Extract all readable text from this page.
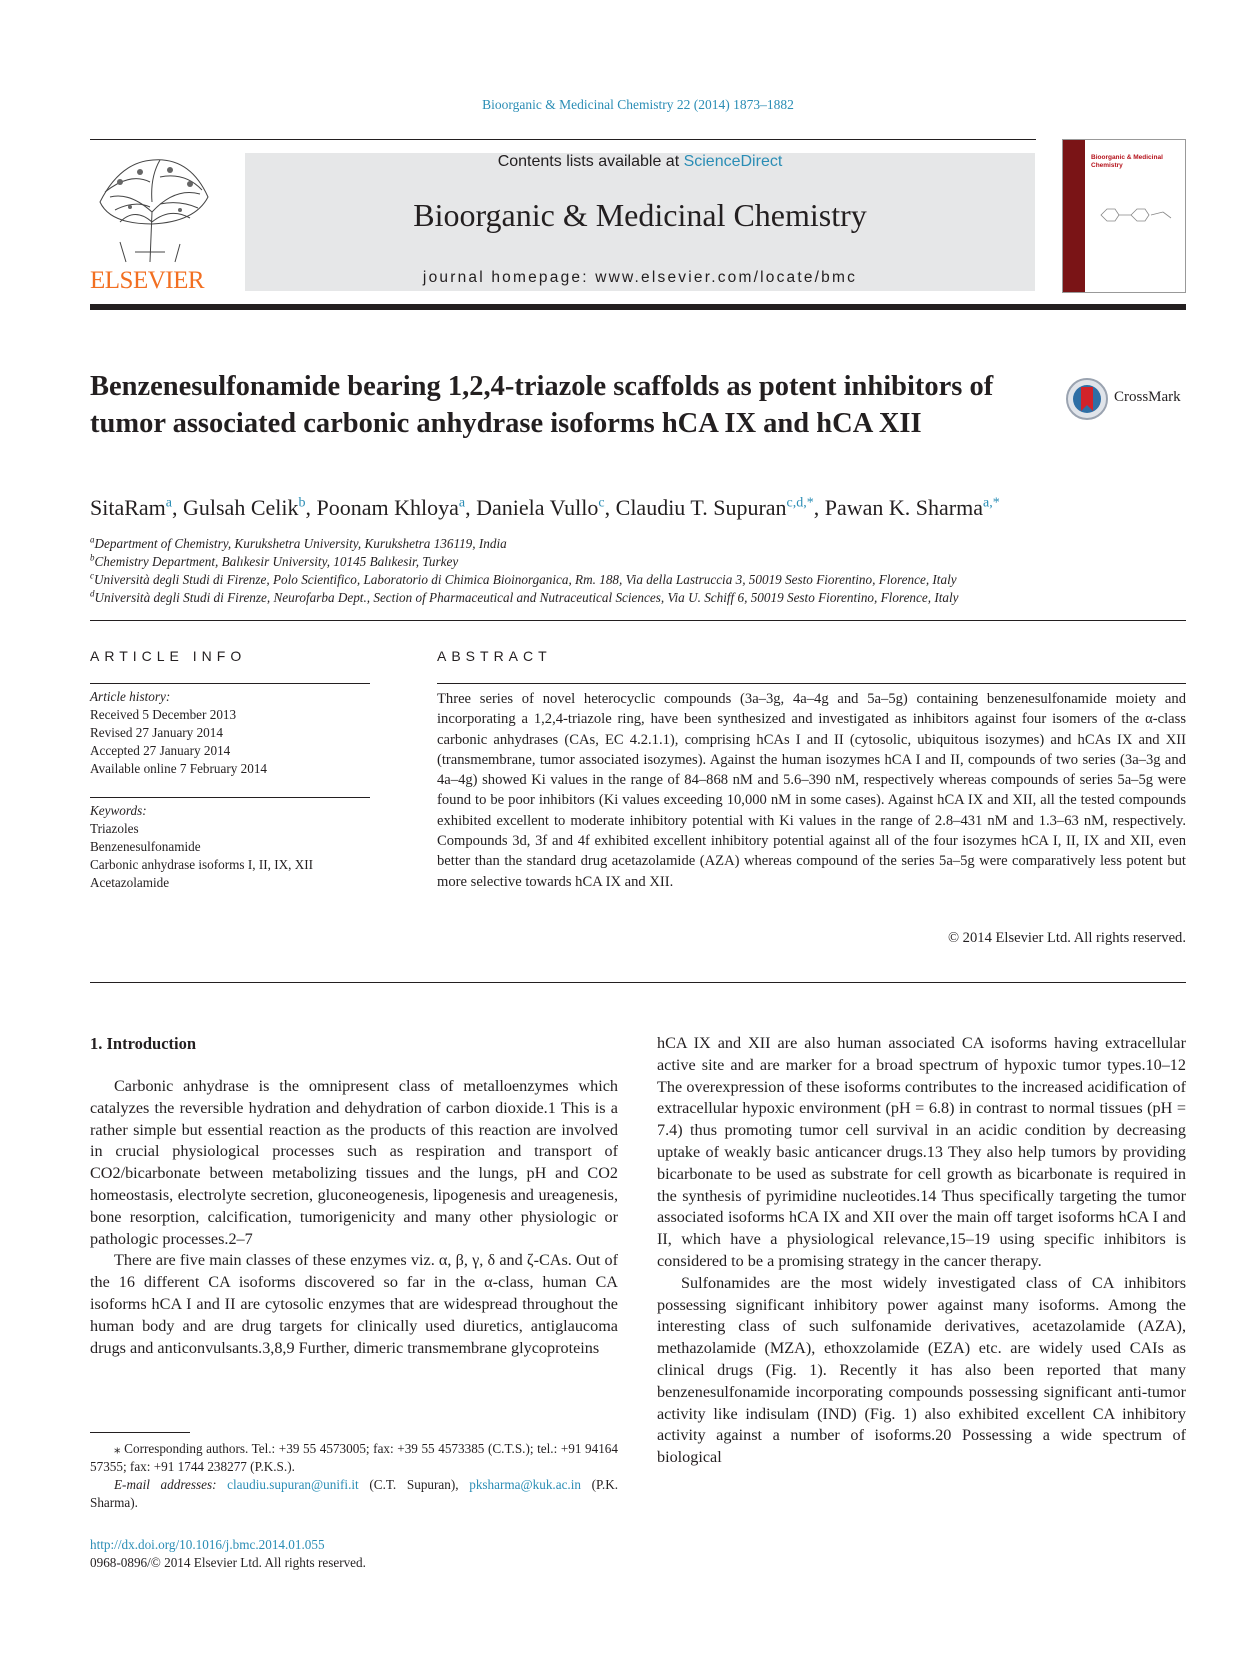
Bioorganic & Medicinal Chemistry 22 (2014) 1873–1882
ELSEVIER
Contents lists available at ScienceDirect
Bioorganic & Medicinal Chemistry
journal homepage: www.elsevier.com/locate/bmc
Bioorganic & Medicinal Chemistry
Benzenesulfonamide bearing 1,2,4-triazole scaffolds as potent inhibitors of tumor associated carbonic anhydrase isoforms hCA IX and hCA XII
CrossMark
SitaRam$^a$, Gulsah Celik$^b$, Poonam Khloya$^a$, Daniela Vullo$^c$, Claudiu T. Supuran$^{c,d,*}$, Pawan K. Sharma$^{a,*}$
$^a$Department of Chemistry, Kurukshetra University, Kurukshetra 136119, India
$^b$Chemistry Department, Balıkesir University, 10145 Balıkesir, Turkey
$^c$Università degli Studi di Firenze, Polo Scientifico, Laboratorio di Chimica Bioinorganica, Rm. 188, Via della Lastruccia 3, 50019 Sesto Fiorentino, Florence, Italy
$^d$Università degli Studi di Firenze, Neurofarba Dept., Section of Pharmaceutical and Nutraceutical Sciences, Via U. Schiff 6, 50019 Sesto Fiorentino, Florence, Italy
ARTICLE INFO
Article history:
Received 5 December 2013
Revised 27 January 2014
Accepted 27 January 2014
Available online 7 February 2014
Keywords:
Triazoles
Benzenesulfonamide
Carbonic anhydrase isoforms I, II, IX, XII
Acetazolamide
ABSTRACT
Three series of novel heterocyclic compounds (3a–3g, 4a–4g and 5a–5g) containing benzenesulfonamide moiety and incorporating a 1,2,4-triazole ring, have been synthesized and investigated as inhibitors against four isomers of the α-class carbonic anhydrases (CAs, EC 4.2.1.1), comprising hCAs I and II (cytosolic, ubiquitous isozymes) and hCAs IX and XII (transmembrane, tumor associated isozymes). Against the human isozymes hCA I and II, compounds of two series (3a–3g and 4a–4g) showed Ki values in the range of 84–868 nM and 5.6–390 nM, respectively whereas compounds of series 5a–5g were found to be poor inhibitors (Ki values exceeding 10,000 nM in some cases). Against hCA IX and XII, all the tested compounds exhibited excellent to moderate inhibitory potential with Ki values in the range of 2.8–431 nM and 1.3–63 nM, respectively. Compounds 3d, 3f and 4f exhibited excellent inhibitory potential against all of the four isozymes hCA I, II, IX and XII, even better than the standard drug acetazolamide (AZA) whereas compound of the series 5a–5g were comparatively less potent but more selective towards hCA IX and XII.
© 2014 Elsevier Ltd. All rights reserved.
1. Introduction

Carbonic anhydrase is the omnipresent class of metalloenzymes which catalyzes the reversible hydration and dehydration of carbon dioxide.1 This is a rather simple but essential reaction as the products of this reaction are involved in crucial physiological processes such as respiration and transport of CO2/bicarbonate between metabolizing tissues and the lungs, pH and CO2 homeostasis, electrolyte secretion, gluconeogenesis, lipogenesis and ureagenesis, bone resorption, calcification, tumorigenicity and many other physiologic or pathologic processes.2–7

There are five main classes of these enzymes viz. α, β, γ, δ and ζ-CAs. Out of the 16 different CA isoforms discovered so far in the α-class, human CA isoforms hCA I and II are cytosolic enzymes that are widespread throughout the human body and are drug targets for clinically used diuretics, antiglaucoma drugs and anticonvulsants.3,8,9 Further, dimeric transmembrane glycoproteins

hCA IX and XII are also human associated CA isoforms having extracellular active site and are marker for a broad spectrum of hypoxic tumor types.10–12 The overexpression of these isoforms contributes to the increased acidification of extracellular hypoxic environment (pH = 6.8) in contrast to normal tissues (pH = 7.4) thus promoting tumor cell survival in an acidic condition by decreasing uptake of weakly basic anticancer drugs.13 They also help tumors by providing bicarbonate to be used as substrate for cell growth as bicarbonate is required in the synthesis of pyrimidine nucleotides.14 Thus specifically targeting the tumor associated isoforms hCA IX and XII over the main off target isoforms hCA I and II, which have a physiological relevance,15–19 using specific inhibitors is considered to be a promising strategy in the cancer therapy.

Sulfonamides are the most widely investigated class of CA inhibitors possessing significant inhibitory power against many isoforms. Among the interesting class of such sulfonamide derivatives, acetazolamide (AZA), methazolamide (MZA), ethoxzolamide (EZA) etc. are widely used CAIs as clinical drugs (Fig. 1). Recently it has also been reported that many benzenesulfonamide incorporating compounds possessing significant anti-tumor activity like indisulam (IND) (Fig. 1) also exhibited excellent CA inhibitory activity against a number of isoforms.20 Possessing a wide spectrum of biological

⁎ Corresponding authors. Tel.: +39 55 4573005; fax: +39 55 4573385 (C.T.S.); tel.: +91 94164 57355; fax: +91 1744 238277 (P.K.S.).
E-mail addresses: claudiu.supuran@unifi.it (C.T. Supuran), pksharma@kuk.ac.in (P.K. Sharma).
http://dx.doi.org/10.1016/j.bmc.2014.01.055
0968-0896/© 2014 Elsevier Ltd. All rights reserved.
